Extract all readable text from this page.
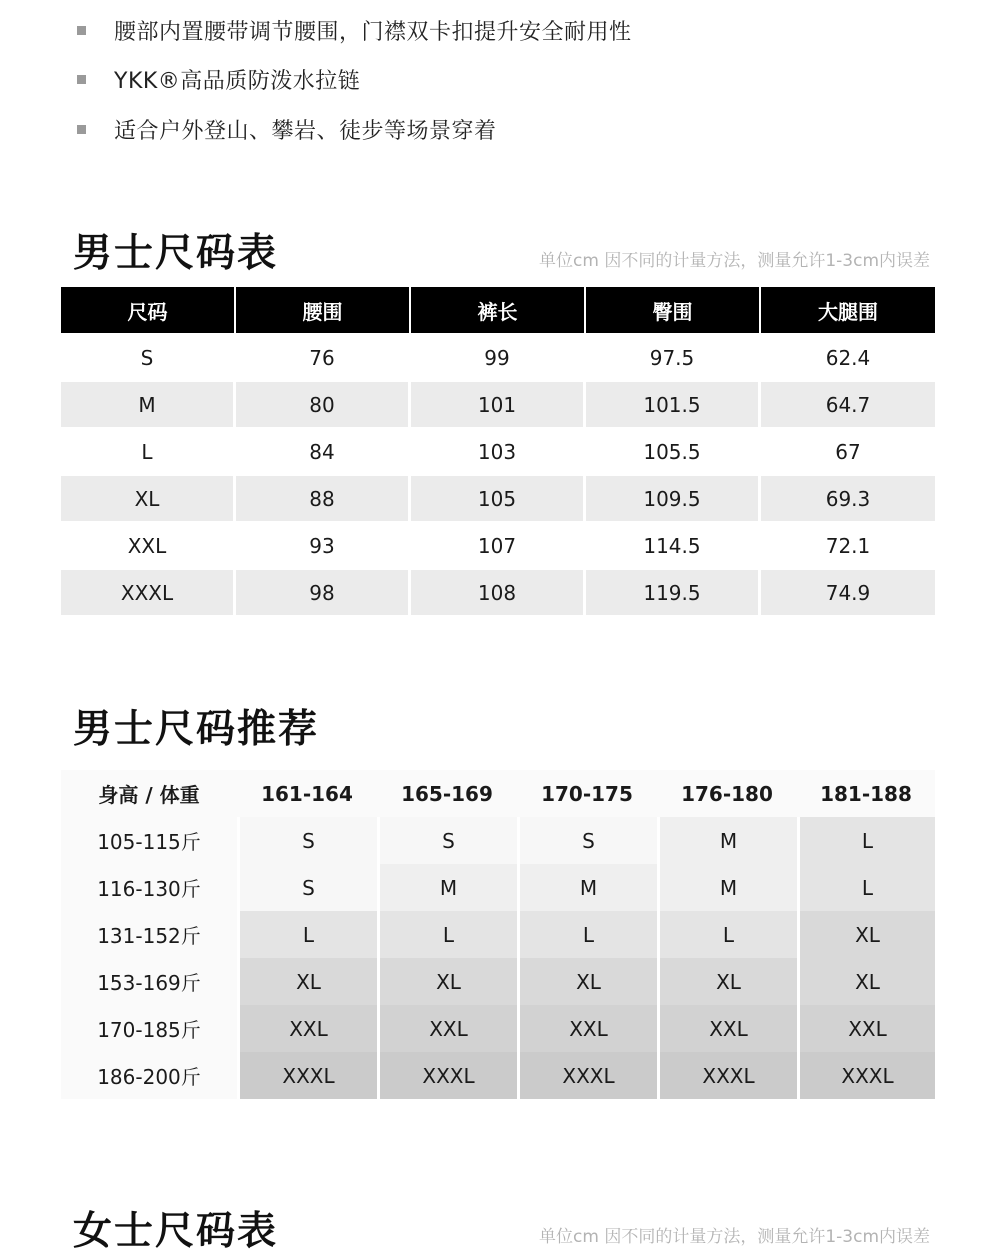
腰部内置腰带调节腰围，门襟双卡扣提升安全耐用性
YKK®高品质防泼水拉链
适合户外登山、攀岩、徒步等场景穿着
男士尺码表	单位cm 因不同的计量方法，测量允许1-3cm内误差
尺码	腰围	裤长	臀围	大腿围
S	76	99	97.5	62.4
M	80	101	101.5	64.7
L	84	103	105.5	67
XL	88	105	109.5	69.3
XXL	93	107	114.5	72.1
XXXL	98	108	119.5	74.9
男士尺码推荐
身高 / 体重	161-164	165-169	170-175	176-180	181-188
105-115斤	S	S	S	M	L
116-130斤	S	M	M	M	L
131-152斤	L	L	L	L	XL
153-169斤	XL	XL	XL	XL	XL
170-185斤	XXL	XXL	XXL	XXL	XXL
186-200斤	XXXL	XXXL	XXXL	XXXL	XXXL
女士尺码表	单位cm 因不同的计量方法，测量允许1-3cm内误差
